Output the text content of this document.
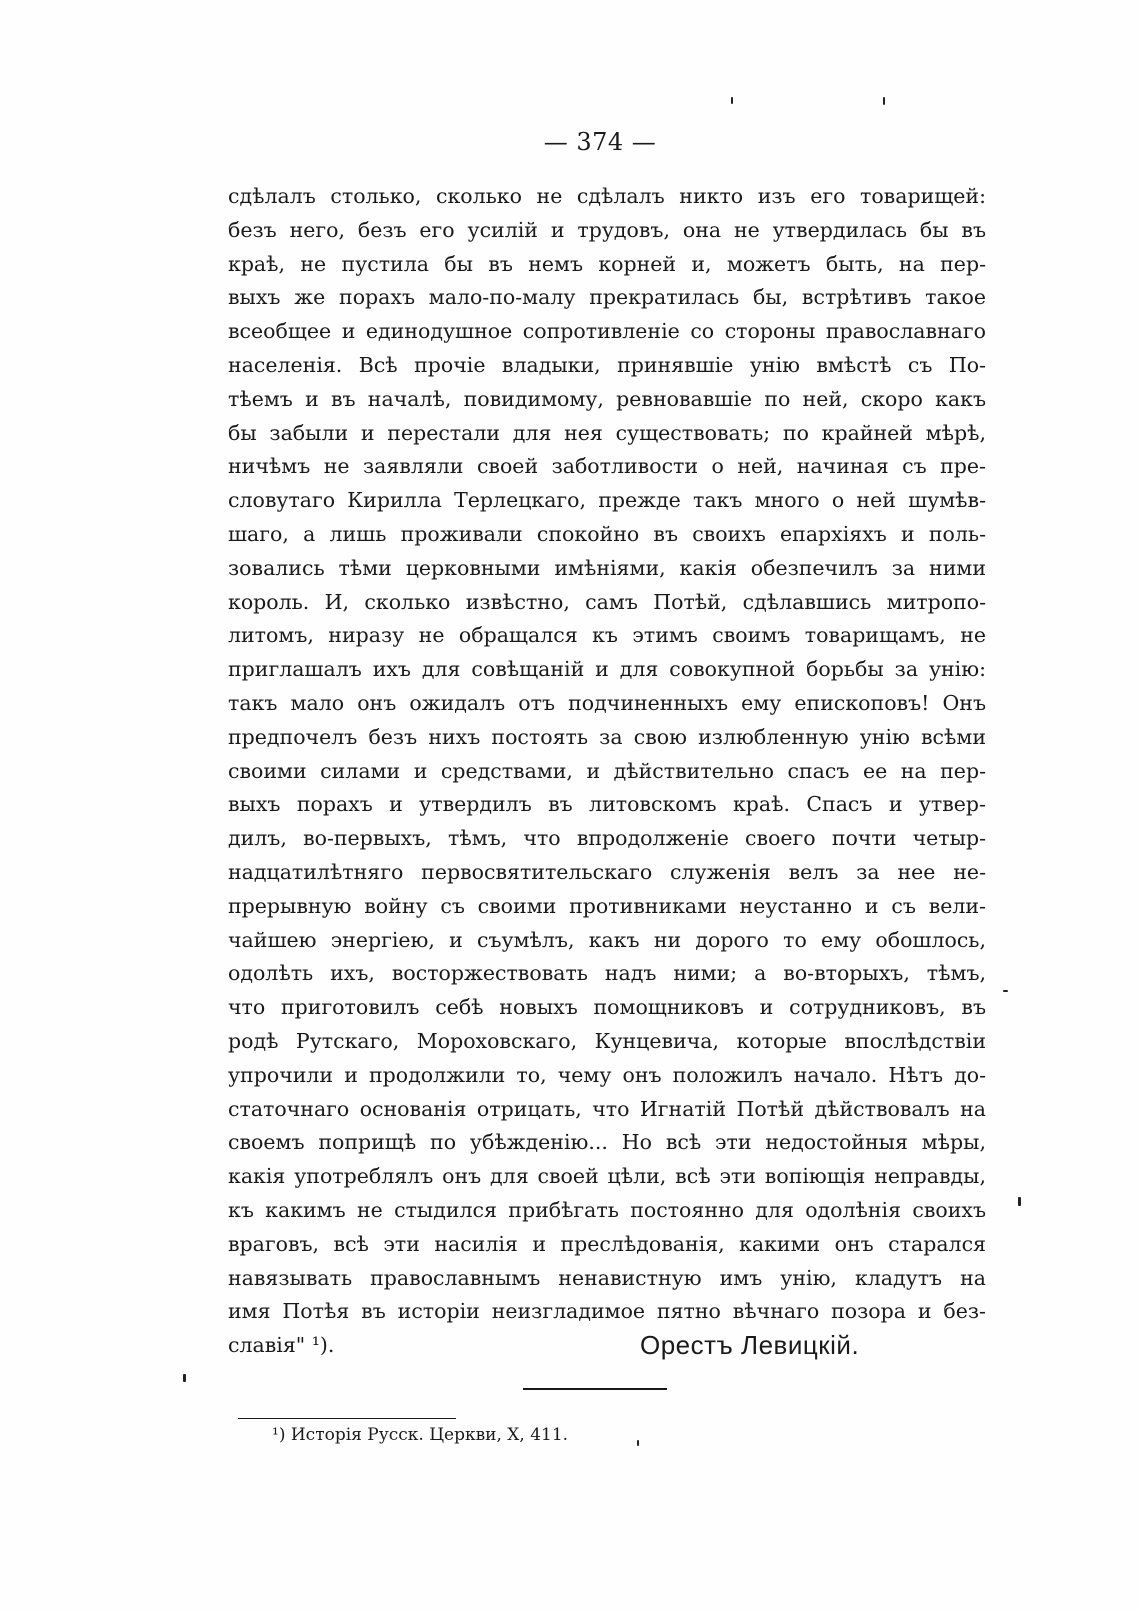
— 374 —
сдѣлалъ столько, сколько не сдѣлалъ никто изъ его товарищей:
безъ него, безъ его усилій и трудовъ, она не утвердилась бы въ
краѣ, не пустила бы въ немъ корней и, можетъ быть, на пер-
выхъ же порахъ мало-по-малу прекратилась бы, встрѣтивъ такое
всеобщее и единодушное сопротивленіе со стороны православнагo
населенія. Всѣ прочіе владыки, принявшіе унію вмѣстѣ съ По-
тѣемъ и въ началѣ, повидимому, ревновавшіе по ней, скоро какъ
бы забыли и перестали для нея существовать; по крайней мѣрѣ,
ничѣмъ не заявляли своей заботливости о ней, начиная съ пре-
словутаго Кирилла Терлецкаго, прежде такъ много о ней шумѣв-
шаго, а лишь проживали спокойно въ своихъ епархіяхъ и поль-
зовались тѣми церковными имѣніями, какія обезпечилъ за ними
король. И, сколько извѣстно, самъ Потѣй, сдѣлавшись митропо-
литомъ, ниразу не обращался къ этимъ своимъ товарищамъ, не
приглашалъ ихъ для совѣщаній и для совокупной борьбы за унію:
такъ мало онъ ожидалъ отъ подчиненныхъ ему епископовъ! Онъ
предпочелъ безъ нихъ постоять за свою излюбленную унію всѣми
своими силами и средствами, и дѣйствительно спасъ ее на пер-
выхъ порахъ и утвердилъ въ литовскомъ краѣ. Спасъ и утвер-
дилъ, во-первыхъ, тѣмъ, что впродолженіе своего почти четыр-
надцатилѣтняго первосвятительскаго служенія велъ за нее не-
прерывную войну съ своими противниками неустанно и съ вели-
чайшею энергіею, и съумѣлъ, какъ ни дорого то ему обошлось,
одолѣть ихъ, восторжествовать надъ ними; а во-вторыхъ, тѣмъ,
что приготовилъ себѣ новыхъ помощниковъ и сотрудниковъ, въ
родѣ Рутскаго, Мороховскаго, Кунцевича, которые впослѣдствіи
упрочили и продолжили то, чему онъ положилъ начало. Нѣтъ до-
статочнаго основанія отрицать, что Игнатій Потѣй дѣйствовалъ на
своемъ поприщѣ по убѣжденію... Но всѣ эти недостойныя мѣры,
какія употреблялъ онъ для своей цѣли, всѣ эти вопіющія неправды,
къ какимъ не стыдился прибѣгать постоянно для одолѣнія своихъ
враговъ, всѣ эти насилія и преслѣдованія, какими онъ старался
навязывать православнымъ ненавистную имъ унію, кладутъ на
имя Потѣя въ исторіи неизгладимое пятно вѣчнаго позора и без-
славія" ¹).	Орестъ Левицкій.
¹) Исторія Русск. Церкви, X, 411.
